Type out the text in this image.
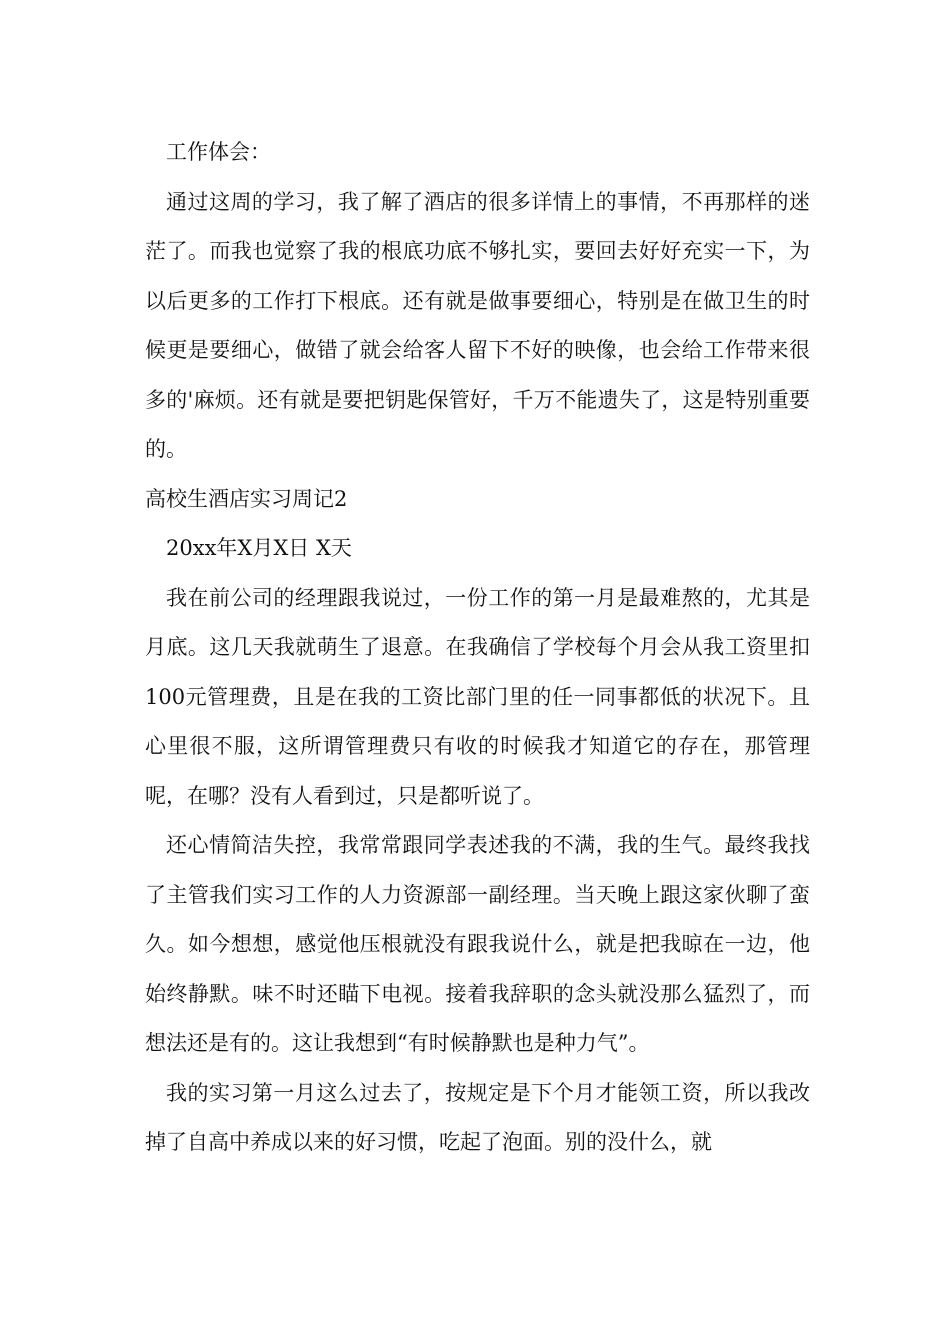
工作体会：

通过这周的学习，我了解了酒店的很多详情上的事情，不再那样的迷茫了。而我也觉察了我的根底功底不够扎实，要回去好好充实一下，为以后更多的工作打下根底。还有就是做事要细心，特别是在做卫生的时候更是要细心，做错了就会给客人留下不好的映像，也会给工作带来很多的'麻烦。还有就是要把钥匙保管好，千万不能遗失了，这是特别重要的。

高校生酒店实习周记2

20xx年X月X日 X天

我在前公司的经理跟我说过，一份工作的第一月是最难熬的，尤其是月底。这几天我就萌生了退意。在我确信了学校每个月会从我工资里扣100元管理费，且是在我的工资比部门里的任一同事都低的状况下。且心里很不服，这所谓管理费只有收的时候我才知道它的存在，那管理呢，在哪？没有人看到过，只是都听说了。

还心情简洁失控，我常常跟同学表述我的不满，我的生气。最终我找了主管我们实习工作的人力资源部一副经理。当天晚上跟这家伙聊了蛮久。如今想想，感觉他压根就没有跟我说什么，就是把我晾在一边，他始终静默。味不时还瞄下电视。接着我辞职的念头就没那么猛烈了，而想法还是有的。这让我想到“有时候静默也是种力气”。

我的实习第一月这么过去了，按规定是下个月才能领工资，所以我改掉了自高中养成以来的好习惯，吃起了泡面。别的没什么，就
